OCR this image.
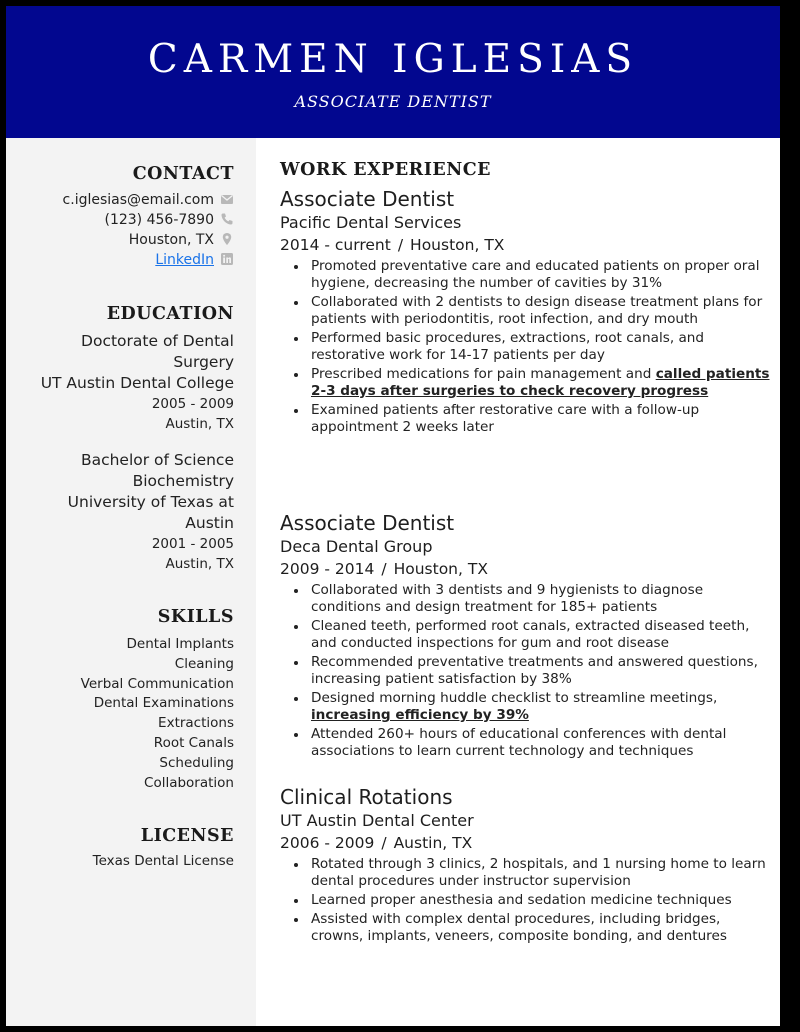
CARMEN IGLESIAS
ASSOCIATE DENTIST
CONTACT
c.iglesias@email.com
(123) 456-7890
Houston, TX
LinkedIn
EDUCATION
Doctorate of Dental Surgery
UT Austin Dental College
2005 - 2009
Austin, TX
Bachelor of Science Biochemistry
University of Texas at Austin
2001 - 2005
Austin, TX
SKILLS
Dental Implants
Cleaning
Verbal Communication
Dental Examinations
Extractions
Root Canals
Scheduling
Collaboration
LICENSE
Texas Dental License
WORK EXPERIENCE
Associate Dentist
Pacific Dental Services
2014 - current / Houston, TX
Promoted preventative care and educated patients on proper oral hygiene, decreasing the number of cavities by 31%
Collaborated with 2 dentists to design disease treatment plans for patients with periodontitis, root infection, and dry mouth
Performed basic procedures, extractions, root canals, and restorative work for 14-17 patients per day
Prescribed medications for pain management and called patients 2-3 days after surgeries to check recovery progress
Examined patients after restorative care with a follow-up appointment 2 weeks later
Associate Dentist
Deca Dental Group
2009 - 2014 / Houston, TX
Collaborated with 3 dentists and 9 hygienists to diagnose conditions and design treatment for 185+ patients
Cleaned teeth, performed root canals, extracted diseased teeth, and conducted inspections for gum and root disease
Recommended preventative treatments and answered questions, increasing patient satisfaction by 38%
Designed morning huddle checklist to streamline meetings, increasing efficiency by 39%
Attended 260+ hours of educational conferences with dental associations to learn current technology and techniques
Clinical Rotations
UT Austin Dental Center
2006 - 2009 / Austin, TX
Rotated through 3 clinics, 2 hospitals, and 1 nursing home to learn dental procedures under instructor supervision
Learned proper anesthesia and sedation medicine techniques
Assisted with complex dental procedures, including bridges, crowns, implants, veneers, composite bonding, and dentures
